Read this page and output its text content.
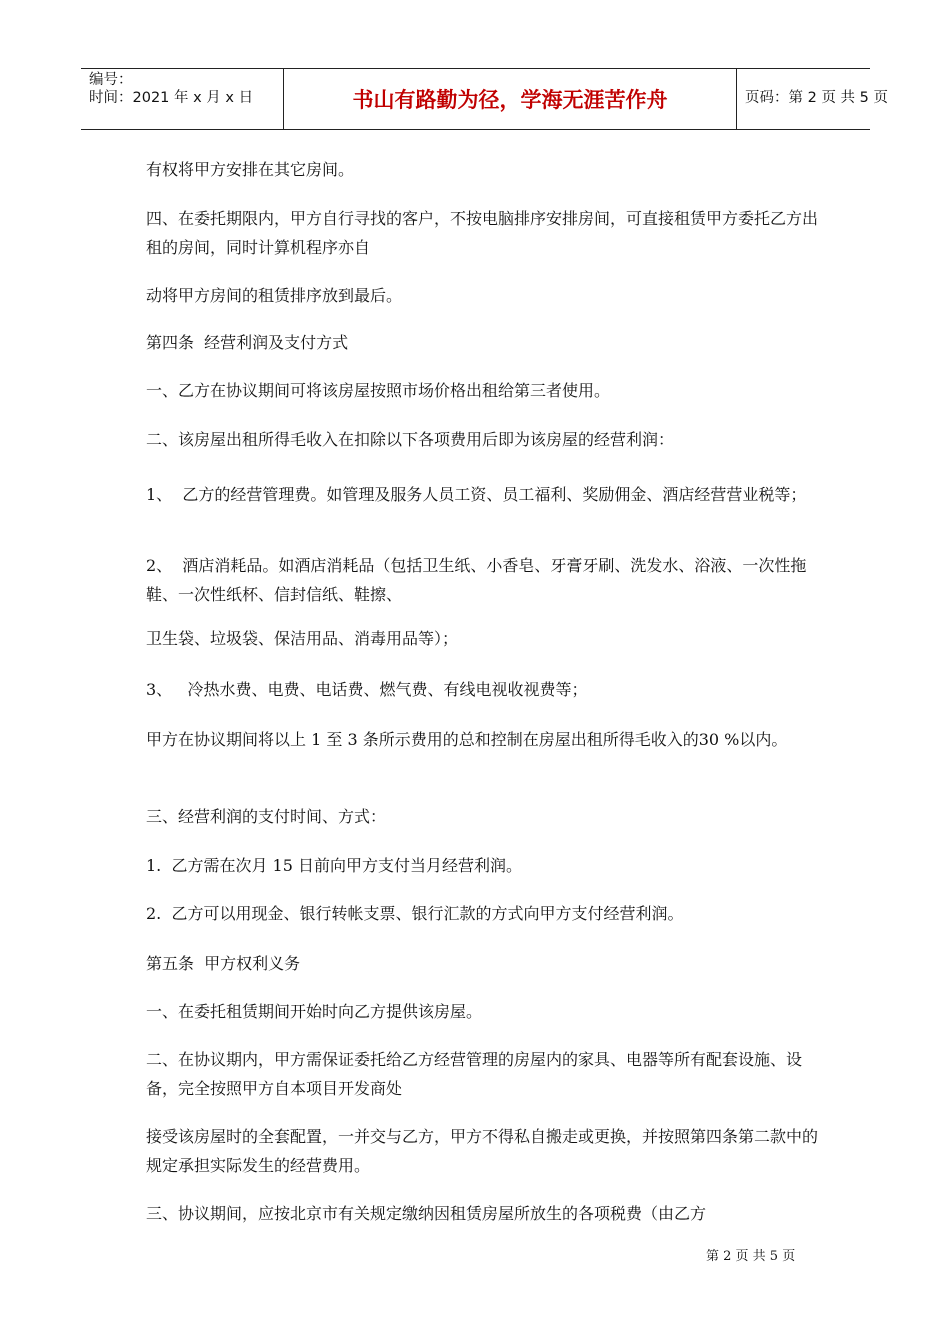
编号：
时间：2021 年 x 月 x 日	书山有路勤为径，学海无涯苦作舟	页码：第 2 页 共 5 页

有权将甲方安排在其它房间。

四、在委托期限内，甲方自行寻找的客户，不按电脑排序安排房间，可直接租赁甲方委托乙方出租的房间，同时计算机程序亦自

动将甲方房间的租赁排序放到最后。

第四条  经营利润及支付方式

一、乙方在协议期间可将该房屋按照市场价格出租给第三者使用。

二、该房屋出租所得毛收入在扣除以下各项费用后即为该房屋的经营利润：

1、  乙方的经营管理费。如管理及服务人员工资、员工福利、奖励佣金、酒店经营营业税等；

2、  酒店消耗品。如酒店消耗品（包括卫生纸、小香皂、牙膏牙刷、洗发水、浴液、一次性拖鞋、一次性纸杯、信封信纸、鞋擦、

卫生袋、垃圾袋、保洁用品、消毒用品等）；

3、   冷热水费、电费、电话费、燃气费、有线电视收视费等；

甲方在协议期间将以上 1 至 3 条所示费用的总和控制在房屋出租所得毛收入的30 %以内。

三、经营利润的支付时间、方式：

1.  乙方需在次月 15 日前向甲方支付当月经营利润。

2.  乙方可以用现金、银行转帐支票、银行汇款的方式向甲方支付经营利润。

第五条  甲方权利义务

一、在委托租赁期间开始时向乙方提供该房屋。

二、在协议期内，甲方需保证委托给乙方经营管理的房屋内的家具、电器等所有配套设施、设备，完全按照甲方自本项目开发商处

接受该房屋时的全套配置，一并交与乙方，甲方不得私自搬走或更换，并按照第四条第二款中的规定承担实际发生的经营费用。

三、协议期间，应按北京市有关规定缴纳因租赁房屋所放生的各项税费（由乙方

第 2 页 共 5 页
